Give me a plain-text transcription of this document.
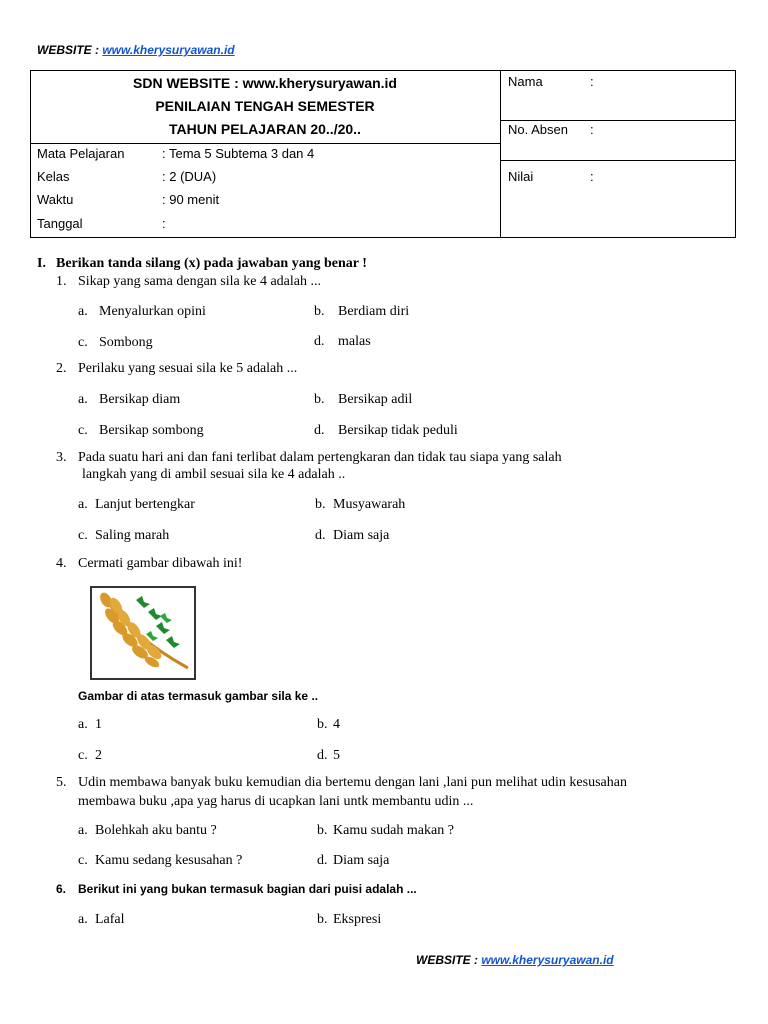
WEBSITE : www.kherysuryawan.id
SDN WEBSITE : www.kherysuryawan.id
PENILAIAN TENGAH SEMESTER
TAHUN PELAJARAN 20../20..
Mata Pelajaran	: Tema 5 Subtema 3 dan 4
Kelas	: 2 (DUA)
Waktu	: 90 menit
Tanggal	:
Nama	:
No. Absen :
Nilai	:
I. Berikan tanda silang (x) pada jawaban yang benar !
1. Sikap yang sama dengan sila ke 4 adalah ...
a. Menyalurkan opini	b. Berdiam diri
c. Sombong	d. malas
2. Perilaku yang sesuai sila ke 5 adalah ...
a. Bersikap diam	b. Bersikap adil
c. Bersikap sombong	d. Bersikap tidak peduli
3. Pada suatu hari ani dan fani terlibat dalam pertengkaran dan tidak tau siapa yang salah
langkah yang di ambil sesuai sila ke 4 adalah ..
a. Lanjut bertengkar	b. Musyawarah
c. Saling marah	d. Diam saja
4. Cermati gambar dibawah ini!
Gambar di atas termasuk gambar sila ke ..
a. 1	b. 4
c. 2	d. 5
5. Udin membawa banyak buku kemudian dia bertemu dengan lani ,lani pun melihat udin kesusahan
membawa buku ,apa yag harus di ucapkan lani untk membantu udin ...
a. Bolehkah aku bantu ?	b. Kamu sudah makan ?
c. Kamu sedang kesusahan ?	d. Diam saja
6. Berikut ini yang bukan termasuk bagian dari puisi adalah ...
a. Lafal	b. Ekspresi
WEBSITE : www.kherysuryawan.id
